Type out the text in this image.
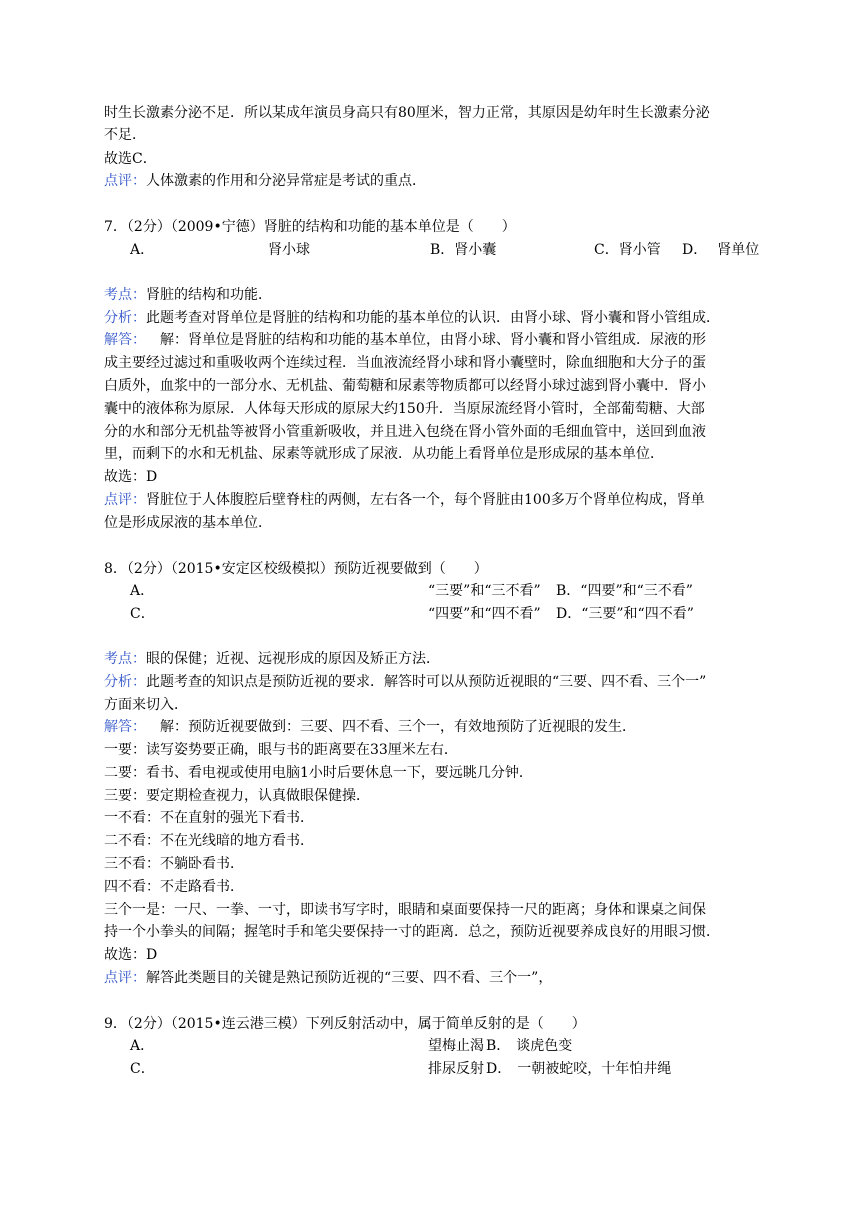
时生长激素分泌不足．所以某成年演员身高只有80厘米，智力正常，其原因是幼年时生长激素分泌
不足．
故选C．
点评：人体激素的作用和分泌异常症是考试的重点．
7．（2分）（2009•宁德）肾脏的结构和功能的基本单位是（　　）
A．	肾小球	B．肾小囊	C．肾小管 D． 肾单位
考点：肾脏的结构和功能．
分析：此题考查对肾单位是肾脏的结构和功能的基本单位的认识．由肾小球、肾小囊和肾小管组成．
解答： 解：肾单位是肾脏的结构和功能的基本单位，由肾小球、肾小囊和肾小管组成．尿液的形
成主要经过滤过和重吸收两个连续过程．当血液流经肾小球和肾小囊壁时，除血细胞和大分子的蛋
白质外，血浆中的一部分水、无机盐、葡萄糖和尿素等物质都可以经肾小球过滤到肾小囊中．肾小
囊中的液体称为原尿．人体每天形成的原尿大约150升．当原尿流经肾小管时，全部葡萄糖、大部
分的水和部分无机盐等被肾小管重新吸收，并且进入包绕在肾小管外面的毛细血管中，送回到血液
里，而剩下的水和无机盐、尿素等就形成了尿液．从功能上看肾单位是形成尿的基本单位．
故选：D
点评：肾脏位于人体腹腔后壁脊柱的两侧，左右各一个，每个肾脏由100多万个肾单位构成，肾单
位是形成尿液的基本单位．
8．（2分）（2015•安定区校级模拟）预防近视要做到（　　）
A．	“三要”和“三不看” B．“四要”和“三不看”
C．	“四要”和“四不看” D．“三要”和“四不看”
考点：眼的保健；近视、远视形成的原因及矫正方法．
分析：此题考查的知识点是预防近视的要求．解答时可以从预防近视眼的“三要、四不看、三个一”
方面来切入．
解答： 解：预防近视要做到：三要、四不看、三个一，有效地预防了近视眼的发生．
一要：读写姿势要正确，眼与书的距离要在33厘米左右．
二要：看书、看电视或使用电脑1小时后要休息一下，要远眺几分钟．
三要：要定期检查视力，认真做眼保健操．
一不看：不在直射的强光下看书．
二不看：不在光线暗的地方看书．
三不看：不躺卧看书．
四不看：不走路看书．
三个一是：一尺、一拳、一寸，即读书写字时，眼睛和桌面要保持一尺的距离；身体和课桌之间保
持一个小拳头的间隔；握笔时手和笔尖要保持一寸的距离．总之，预防近视要养成良好的用眼习惯．
故选：D
点评：解答此类题目的关键是熟记预防近视的“三要、四不看、三个一”，
9．（2分）（2015•连云港三模）下列反射活动中，属于简单反射的是（　　）
A．	望梅止渴 B． 谈虎色变
C．	排尿反射 D． 一朝被蛇咬，十年怕井绳
